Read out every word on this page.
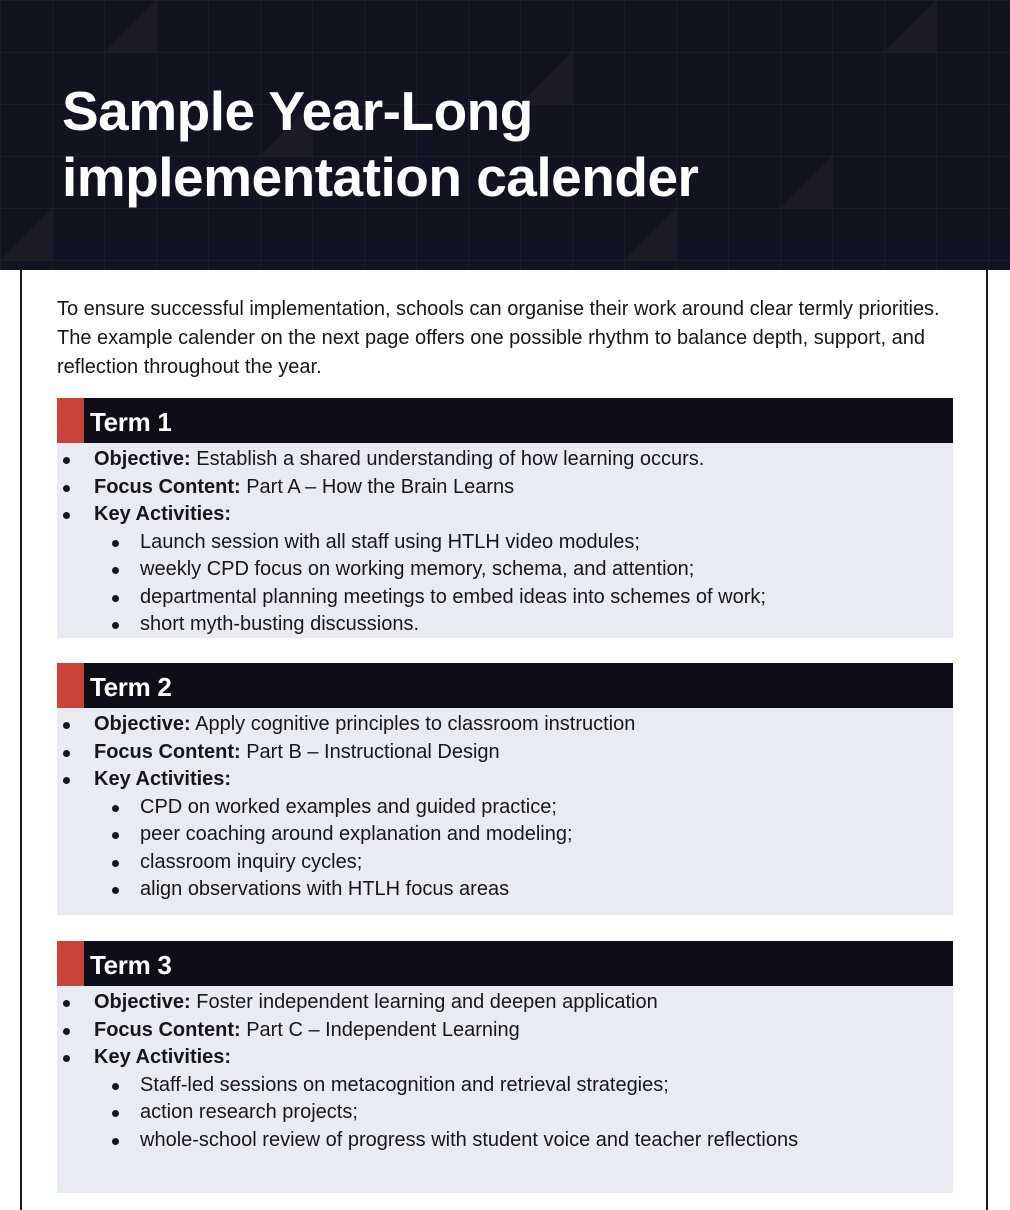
Sample Year-Long
implementation calender

To ensure successful implementation, schools can organise their work around clear termly priorities. The example calender on the next page offers one possible rhythm to balance depth, support, and reflection throughout the year.

Term 1
Objective: Establish a shared understanding of how learning occurs.
Focus Content: Part A – How the Brain Learns
Key Activities:
Launch session with all staff using HTLH video modules;
weekly CPD focus on working memory, schema, and attention;
departmental planning meetings to embed ideas into schemes of work;
short myth-busting discussions.
Term 2
Objective: Apply cognitive principles to classroom instruction
Focus Content: Part B – Instructional Design
Key Activities:
CPD on worked examples and guided practice;
peer coaching around explanation and modeling;
classroom inquiry cycles;
align observations with HTLH focus areas
Term 3
Objective: Foster independent learning and deepen application
Focus Content: Part C – Independent Learning
Key Activities:
Staff-led sessions on metacognition and retrieval strategies;
action research projects;
whole-school review of progress with student voice and teacher reflections
